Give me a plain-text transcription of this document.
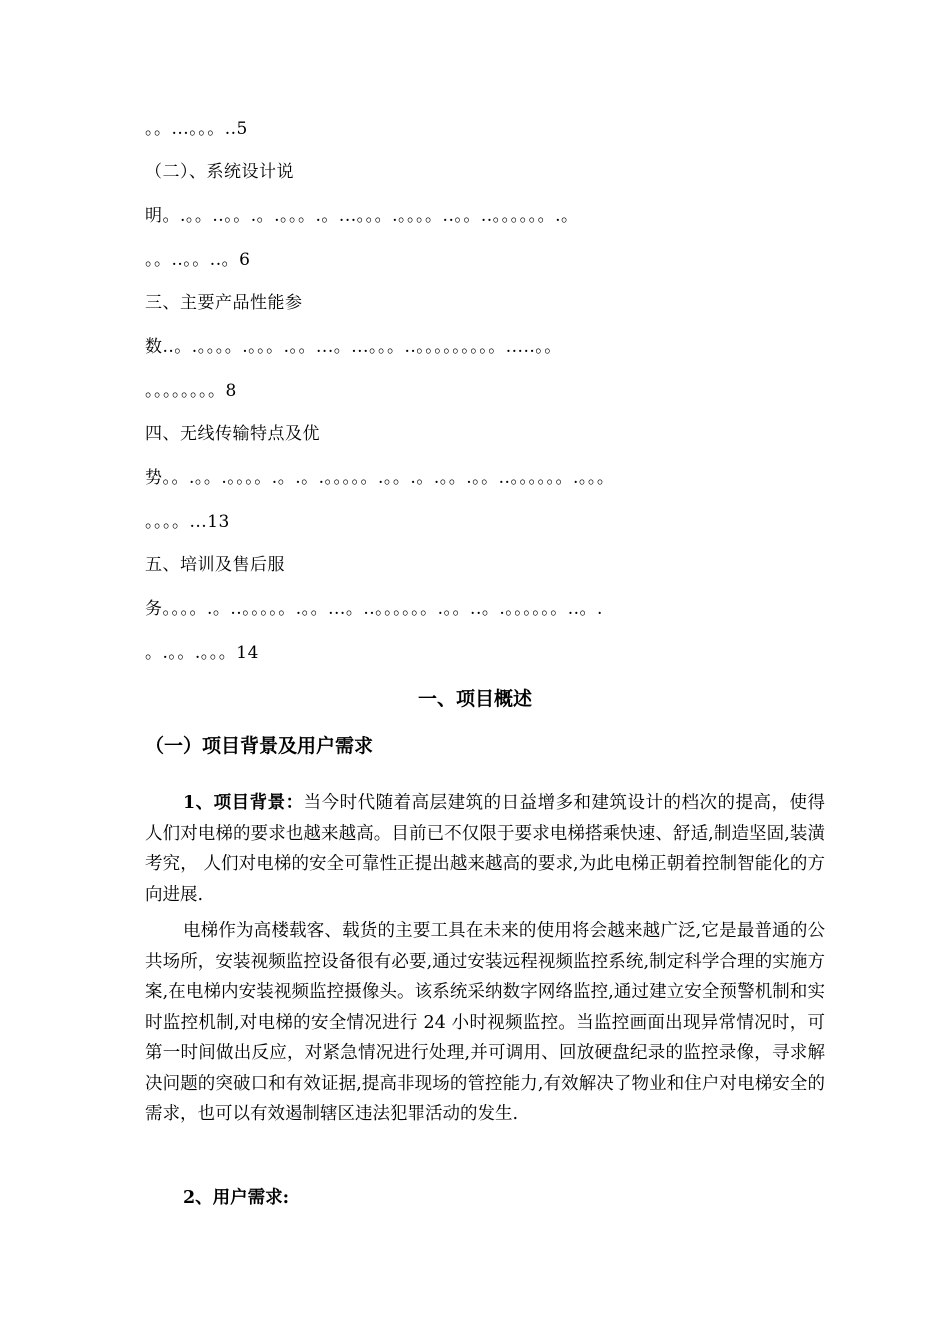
。。...。。。..5
（二）、系统设计说
明。.。。..。。.。.。。。.。...。。。.。。。。..。。..。。。。。。.。
。。..。。..。6
三、主要产品性能参
数..。.。。。。.。。。.。。...。...。。。..。。。。。。。。。.....。。
。。。。。。。。8
四、无线传输特点及优
势。。.。。.。。。。.。.。.。。。。。.。。.。.。。.。。..。。。。。。.。。。
。。。。...13
五、培训及售后服
务。。。。.。..。。。。。.。。...。..。。。。。。.。。..。.。。。。。。..。.
。.。。.。。。14
一、项目概述
（一）项目背景及用户需求

1、项目背景：当今时代随着高层建筑的日益增多和建筑设计的档次的提高，使得人们对电梯的要求也越来越高。目前已不仅限于要求电梯搭乘快速、舒适,制造坚固,装潢考究， 人们对电梯的安全可靠性正提出越来越高的要求,为此电梯正朝着控制智能化的方向进展.

电梯作为高楼载客、载货的主要工具在未来的使用将会越来越广泛,它是最普通的公共场所，安装视频监控设备很有必要,通过安装远程视频监控系统,制定科学合理的实施方案,在电梯内安装视频监控摄像头。该系统采纳数字网络监控,通过建立安全预警机制和实时监控机制,对电梯的安全情况进行 24 小时视频监控。当监控画面出现异常情况时，可第一时间做出反应，对紧急情况进行处理,并可调用、回放硬盘纪录的监控录像，寻求解决问题的突破口和有效证据,提高非现场的管控能力,有效解决了物业和住户对电梯安全的需求，也可以有效遏制辖区违法犯罪活动的发生.

2、用户需求:
